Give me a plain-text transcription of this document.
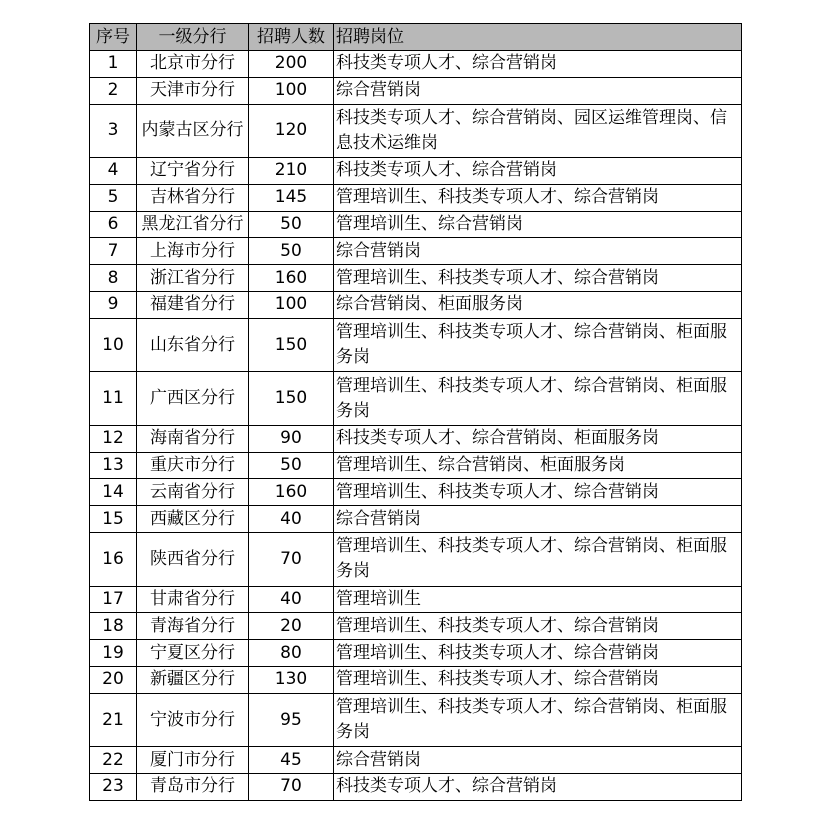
序号	一级分行	招聘人数	招聘岗位
1	北京市分行	200	科技类专项人才、综合营销岗
2	天津市分行	100	综合营销岗
3	内蒙古区分行	120	科技类专项人才、综合营销岗、园区运维管理岗、信息技术运维岗
4	辽宁省分行	210	科技类专项人才、综合营销岗
5	吉林省分行	145	管理培训生、科技类专项人才、综合营销岗
6	黑龙江省分行	50	管理培训生、综合营销岗
7	上海市分行	50	综合营销岗
8	浙江省分行	160	管理培训生、科技类专项人才、综合营销岗
9	福建省分行	100	综合营销岗、柜面服务岗
10	山东省分行	150	管理培训生、科技类专项人才、综合营销岗、柜面服务岗
11	广西区分行	150	管理培训生、科技类专项人才、综合营销岗、柜面服务岗
12	海南省分行	90	科技类专项人才、综合营销岗、柜面服务岗
13	重庆市分行	50	管理培训生、综合营销岗、柜面服务岗
14	云南省分行	160	管理培训生、科技类专项人才、综合营销岗
15	西藏区分行	40	综合营销岗
16	陕西省分行	70	管理培训生、科技类专项人才、综合营销岗、柜面服务岗
17	甘肃省分行	40	管理培训生
18	青海省分行	20	管理培训生、科技类专项人才、综合营销岗
19	宁夏区分行	80	管理培训生、科技类专项人才、综合营销岗
20	新疆区分行	130	管理培训生、科技类专项人才、综合营销岗
21	宁波市分行	95	管理培训生、科技类专项人才、综合营销岗、柜面服务岗
22	厦门市分行	45	综合营销岗
23	青岛市分行	70	科技类专项人才、综合营销岗
